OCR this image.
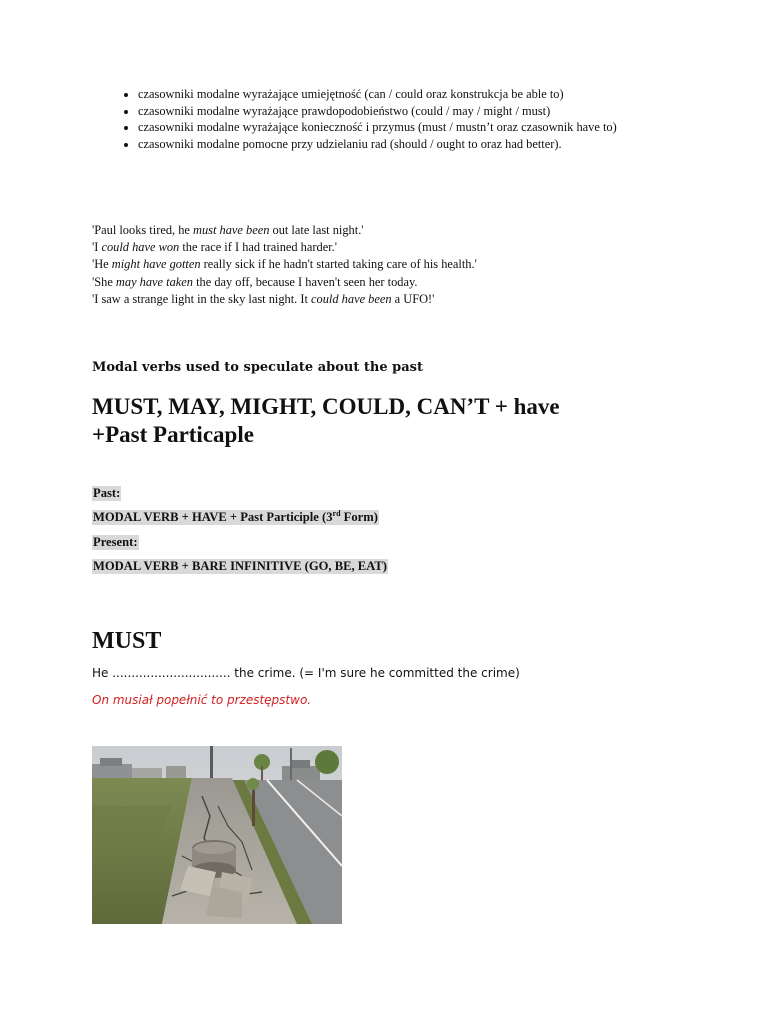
• czasowniki modalne wyrażające umiejętność (can / could oraz konstrukcja be able to)
• czasowniki modalne wyrażające prawdopodobieństwo (could / may / might / must)
• czasowniki modalne wyrażające konieczność i przymus (must / mustn’t oraz czasownik have to)
• czasowniki modalne pomocne przy udzielaniu rad (should / ought to oraz had better).

'Paul looks tired, he must have been out late last night.'

'I could have won the race if I had trained harder.'

'He might have gotten really sick if he hadn't started taking care of his health.'

'She may have taken the day off, because I haven't seen her today.

'I saw a strange light in the sky last night. It could have been a UFO!'

Modal verbs used to speculate about the past
MUST, MAY, MIGHT, COULD, CAN’T + have
+Past Particaple
Past:
MODAL VERB + HAVE + Past Participle (3rd Form)
Present:
MODAL VERB + BARE INFINITIVE (GO, BE, EAT)
MUST
He ............................... the crime. (= I'm sure he committed the crime)
On musiał popełnić to przestępstwo.
